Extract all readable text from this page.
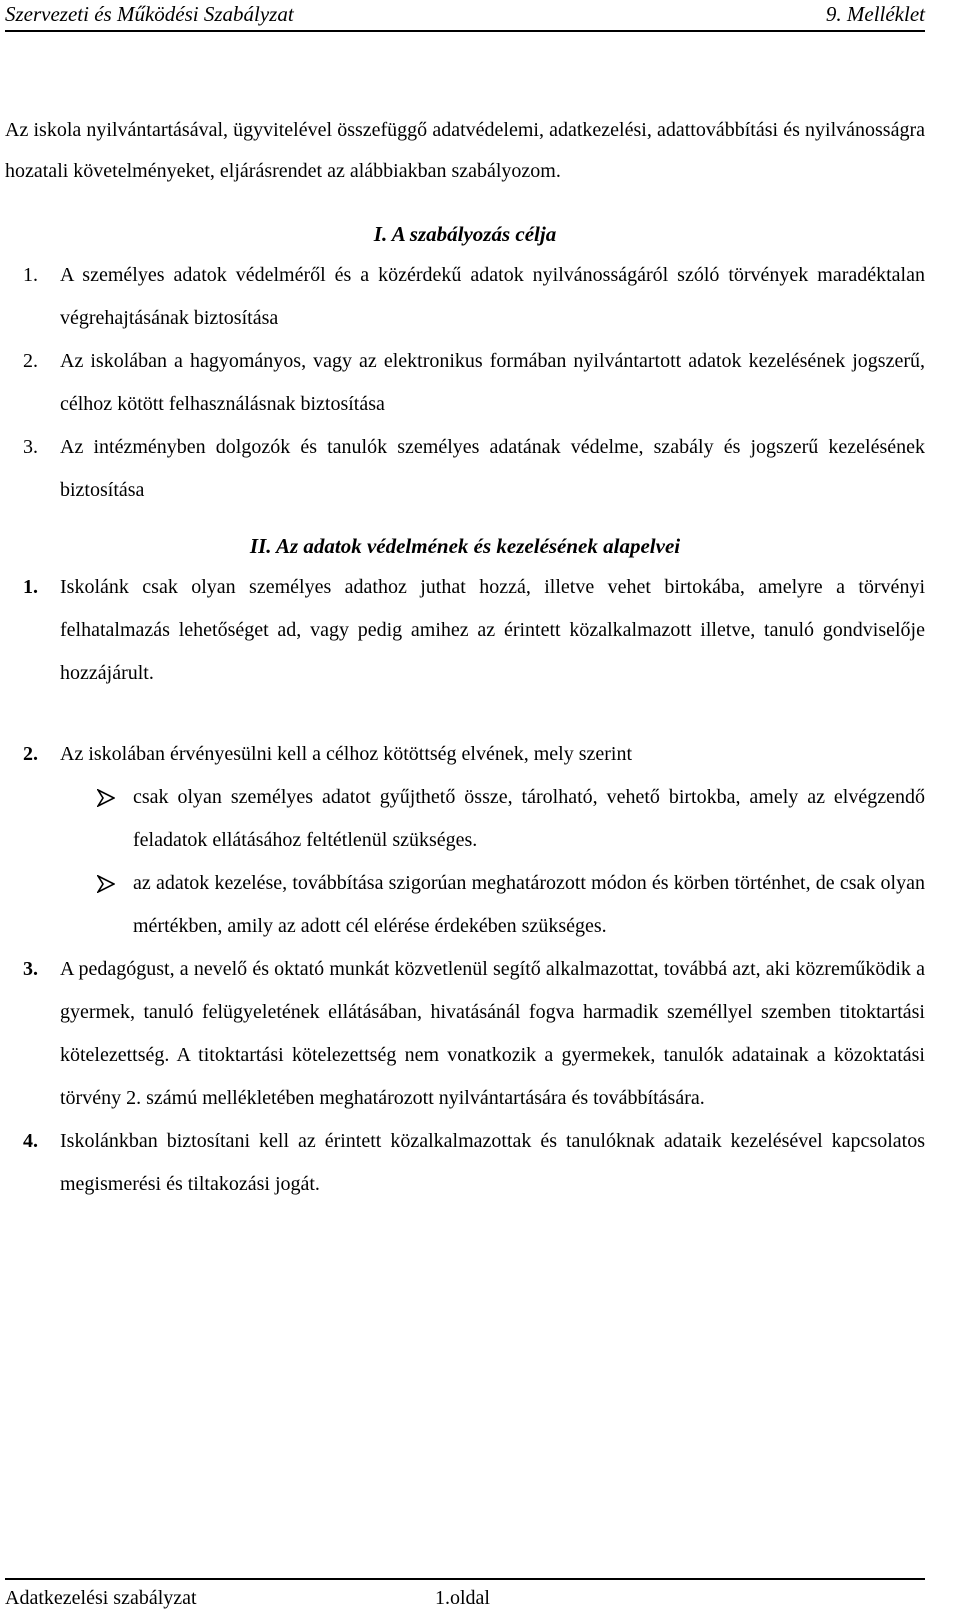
Szervezeti és Működési Szabályzat	9. Melléklet

Az iskola nyilvántartásával, ügyvitelével összefüggő adatvédelemi, adatkezelési, adattovábbítási és nyilvánosságra hozatali követelményeket, eljárásrendet az alábbiakban szabályozom.

I. A szabályozás célja

1. A személyes adatok védelméről és a közérdekű adatok nyilvánosságáról szóló törvények maradéktalan végrehajtásának biztosítása
2. Az iskolában a hagyományos, vagy az elektronikus formában nyilvántartott adatok kezelésének jogszerű, célhoz kötött felhasználásnak biztosítása
3. Az intézményben dolgozók és tanulók személyes adatának védelme, szabály és jogszerű kezelésének biztosítása

II. Az adatok védelmének és kezelésének alapelvei

1. Iskolánk csak olyan személyes adathoz juthat hozzá, illetve vehet birtokába, amelyre a törvényi felhatalmazás lehetőséget ad, vagy pedig amihez az érintett közalkalmazott illetve, tanuló gondviselője hozzájárult.
2. Az iskolában érvényesülni kell a célhoz kötöttség elvének, mely szerint
csak olyan személyes adatot gyűjthető össze, tárolható, vehető birtokba, amely az elvégzendő feladatok ellátásához feltétlenül szükséges.
az adatok kezelése, továbbítása szigorúan meghatározott módon és körben történhet, de csak olyan mértékben, amily az adott cél elérése érdekében szükséges.
3. A pedagógust, a nevelő és oktató munkát közvetlenül segítő alkalmazottat, továbbá azt, aki közreműködik a gyermek, tanuló felügyeletének ellátásában, hivatásánál fogva harmadik személlyel szemben titoktartási kötelezettség. A titoktartási kötelezettség nem vonatkozik a gyermekek, tanulók adatainak a közoktatási törvény 2. számú mellékletében meghatározott nyilvántartására és továbbítására.
4. Iskolánkban biztosítani kell az érintett közalkalmazottak és tanulóknak adataik kezelésével kapcsolatos megismerési és tiltakozási jogát.
Adatkezelési szabályzat	1.oldal
